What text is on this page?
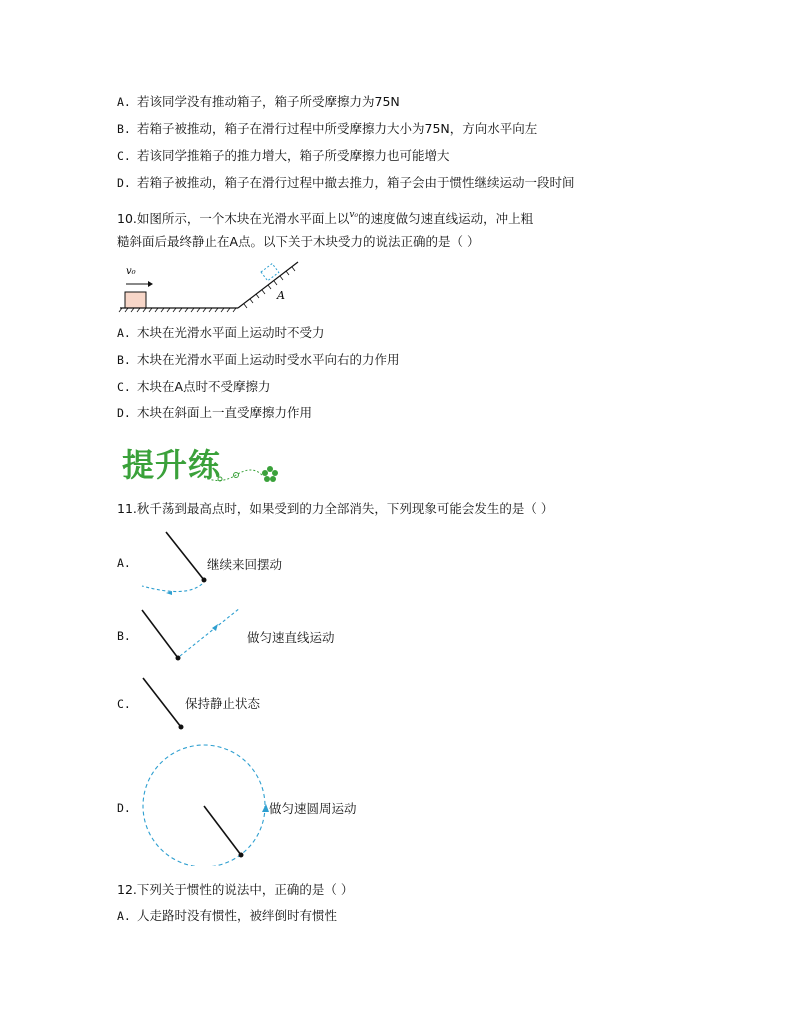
A. 若该同学没有推动箱子，箱子所受摩擦力为75N
B. 若箱子被推动，箱子在滑行过程中所受摩擦力大小为75N，方向水平向左
C. 若该同学推箱子的推力增大，箱子所受摩擦力也可能增大
D. 若箱子被推动，箱子在滑行过程中撤去推力，箱子会由于惯性继续运动一段时间
10.如图所示，一个木块在光滑水平面上以$^{v_0}$的速度做匀速直线运动，冲上粗
糙斜面后最终静止在A点。以下关于木块受力的说法正确的是（ ）
v₀
A
A. 木块在光滑水平面上运动时不受力
B. 木块在光滑水平面上运动时受水平向右的力作用
C. 木块在A点时不受摩擦力
D. 木块在斜面上一直受摩擦力作用
提升练
11.秋千荡到最高点时，如果受到的力全部消失，下列现象可能会发生的是（ ）
A.	继续来回摆动
B.	做匀速直线运动
C.	保持静止状态
D.	做匀速圆周运动
12.下列关于惯性的说法中，正确的是（ ）
A. 人走路时没有惯性，被绊倒时有惯性
